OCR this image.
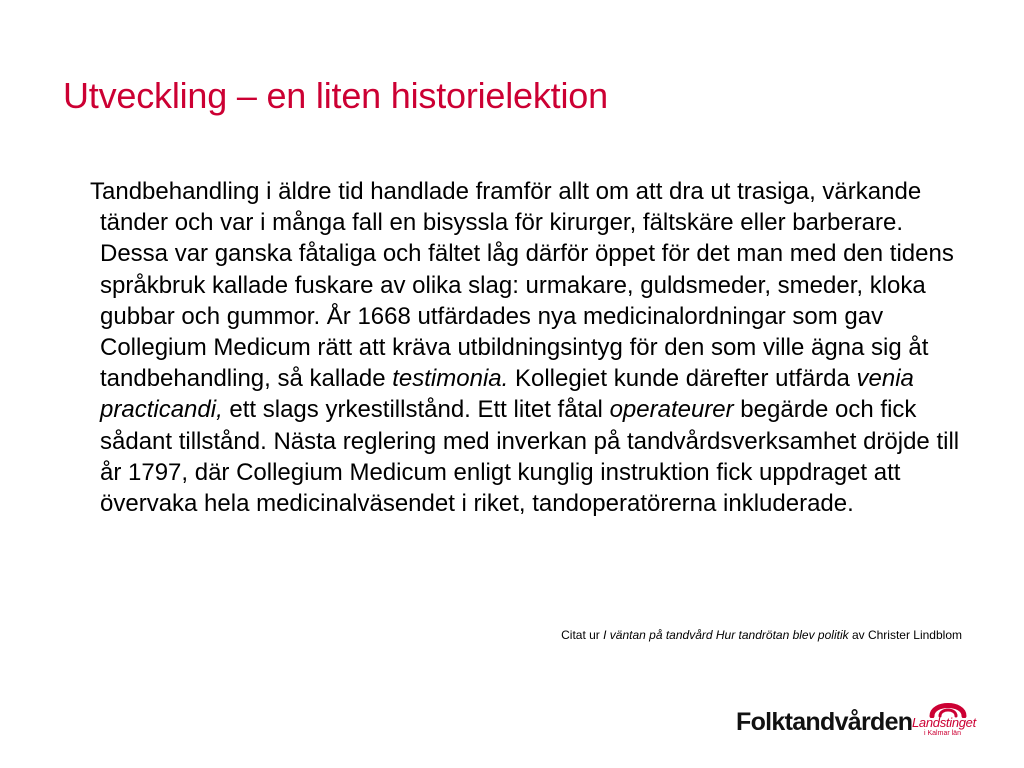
Utveckling – en liten historielektion

Tandbehandling i äldre tid handlade framför allt om att dra ut trasiga, värkande tänder och var i många fall en bisyssla för kirurger, fältskäre eller barberare. Dessa var ganska fåtaliga och fältet låg därför öppet för det man med den tidens språkbruk kallade fuskare av olika slag: urmakare, guldsmeder, smeder, kloka gubbar och gummor. År 1668 utfärdades nya medicinalordningar som gav Collegium Medicum rätt att kräva utbildningsintyg för den som ville ägna sig åt tandbehandling, så kallade testimonia. Kollegiet kunde därefter utfärda venia practicandi, ett slags yrkestillstånd. Ett litet fåtal operateurer begärde och fick sådant tillstånd. Nästa reglering med inverkan på tandvårdsverksamhet dröjde till år 1797, där Collegium Medicum enligt kunglig instruktion fick uppdraget att övervaka hela medicinalväsendet i riket, tandoperatörerna inkluderade.

Citat ur I väntan på tandvård Hur tandrötan blev politik av Christer Lindblom

Folktandvården Landstinget
i Kalmar län
